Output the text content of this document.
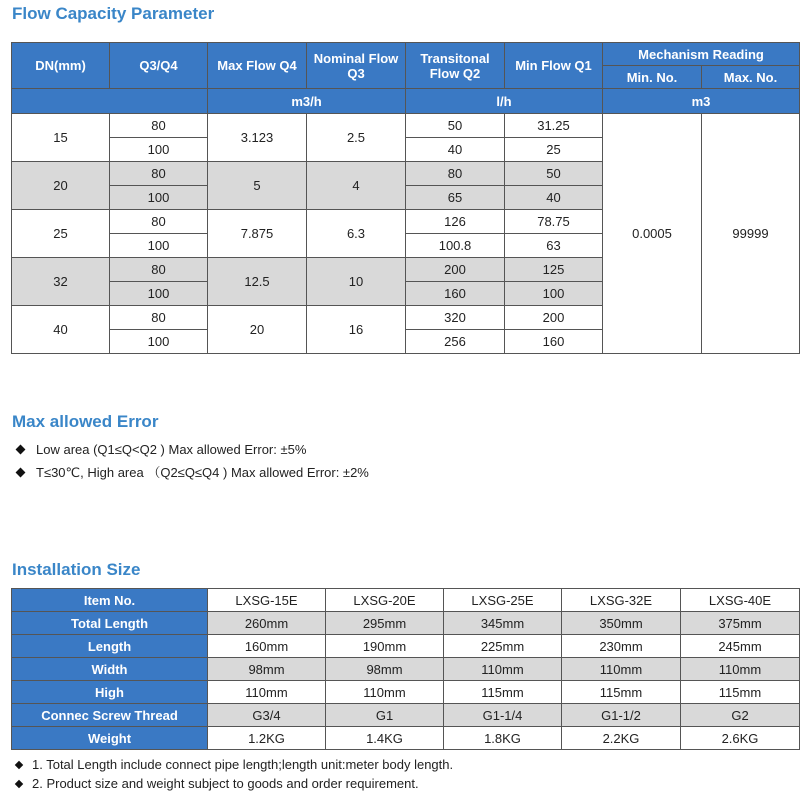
Flow Capacity Parameter
DN(mm)	Q3/Q4	Max Flow Q4	Nominal Flow Q3	Transitonal Flow Q2	Min Flow Q1	Mechanism Reading	
						Min. No.	Max. No.
		m3/h		l/h		m3	
15	80	3.123	2.5	50	31.25	0.0005	99999
	100			40	25		
20	80	5	4	80	50		
	100			65	40		
25	80	7.875	6.3	126	78.75		
	100			100.8	63		
32	80	12.5	10	200	125		
	100			160	100		
40	80	20	16	320	200		
	100			256	160		
Max allowed Error
Low area (Q1≤Q<Q2 ) Max allowed Error: ±5%
T≤30℃, High area （Q2≤Q≤Q4 ) Max allowed Error: ±2%
Installation Size
Item No.	LXSG-15E	LXSG-20E	LXSG-25E	LXSG-32E	LXSG-40E
Total Length	260mm	295mm	345mm	350mm	375mm
Length	160mm	190mm	225mm	230mm	245mm
Width	98mm	98mm	110mm	110mm	110mm
High	110mm	110mm	115mm	115mm	115mm
Connec Screw Thread	G3/4	G1	G1-1/4	G1-1/2	G2
Weight	1.2KG	1.4KG	1.8KG	2.2KG	2.6KG
1. Total Length include connect pipe length;length unit:meter body length.
2. Product size and weight subject to goods and order requirement.
